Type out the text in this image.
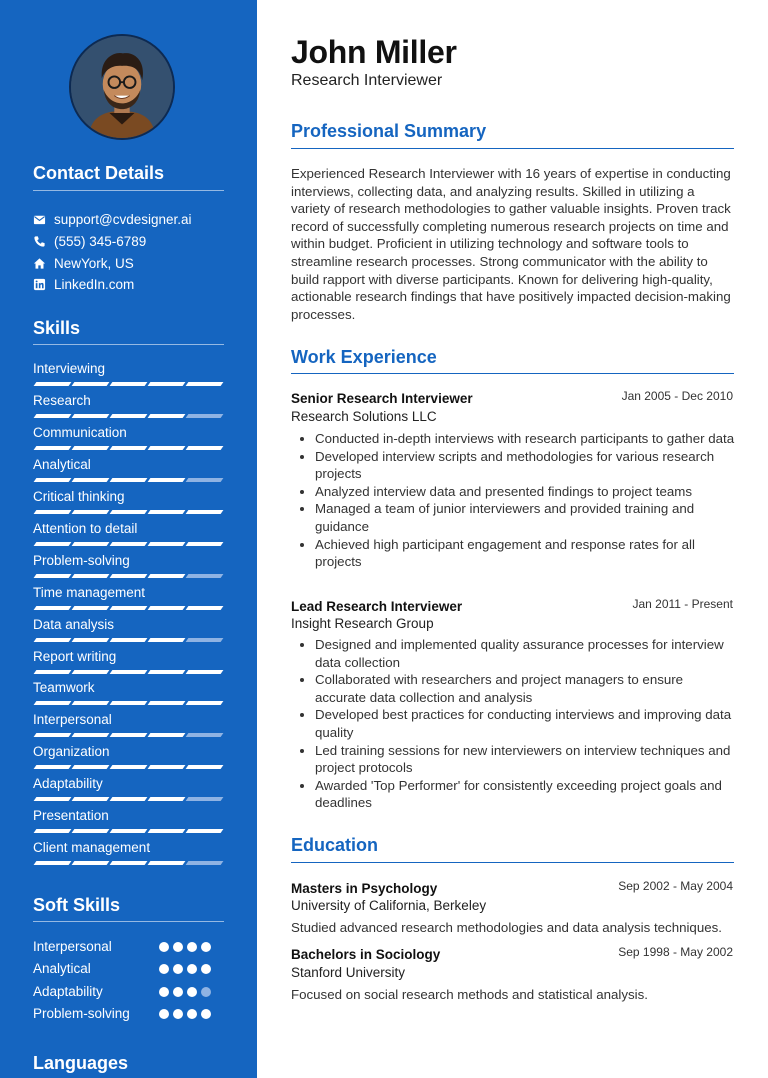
Contact Details
support@cvdesigner.ai
(555) 345-6789
NewYork, US
LinkedIn.com
Skills
Interviewing
Research
Communication
Analytical
Critical thinking
Attention to detail
Problem-solving
Time management
Data analysis
Report writing
Teamwork
Interpersonal
Organization
Adaptability
Presentation
Client management
Soft Skills
Interpersonal
Analytical
Adaptability
Problem-solving
Languages
John Miller
Research Interviewer
Professional Summary
Experienced Research Interviewer with 16 years of expertise in conducting interviews, collecting data, and analyzing results. Skilled in utilizing a variety of research methodologies to gather valuable insights. Proven track record of successfully completing numerous research projects on time and within budget. Proficient in utilizing technology and software tools to streamline research processes. Strong communicator with the ability to build rapport with diverse participants. Known for delivering high-quality, actionable research findings that have positively impacted decision-making processes.
Work Experience
Senior Research Interviewer	Jan 2005 - Dec 2010
Research Solutions LLC
Conducted in-depth interviews with research participants to gather data
Developed interview scripts and methodologies for various research projects
Analyzed interview data and presented findings to project teams
Managed a team of junior interviewers and provided training and guidance
Achieved high participant engagement and response rates for all projects
Lead Research Interviewer	Jan 2011 - Present
Insight Research Group
Designed and implemented quality assurance processes for interview data collection
Collaborated with researchers and project managers to ensure accurate data collection and analysis
Developed best practices for conducting interviews and improving data quality
Led training sessions for new interviewers on interview techniques and project protocols
Awarded 'Top Performer' for consistently exceeding project goals and deadlines
Education
Masters in Psychology	Sep 2002 - May 2004
University of California, Berkeley
Studied advanced research methodologies and data analysis techniques.
Bachelors in Sociology	Sep 1998 - May 2002
Stanford University
Focused on social research methods and statistical analysis.
